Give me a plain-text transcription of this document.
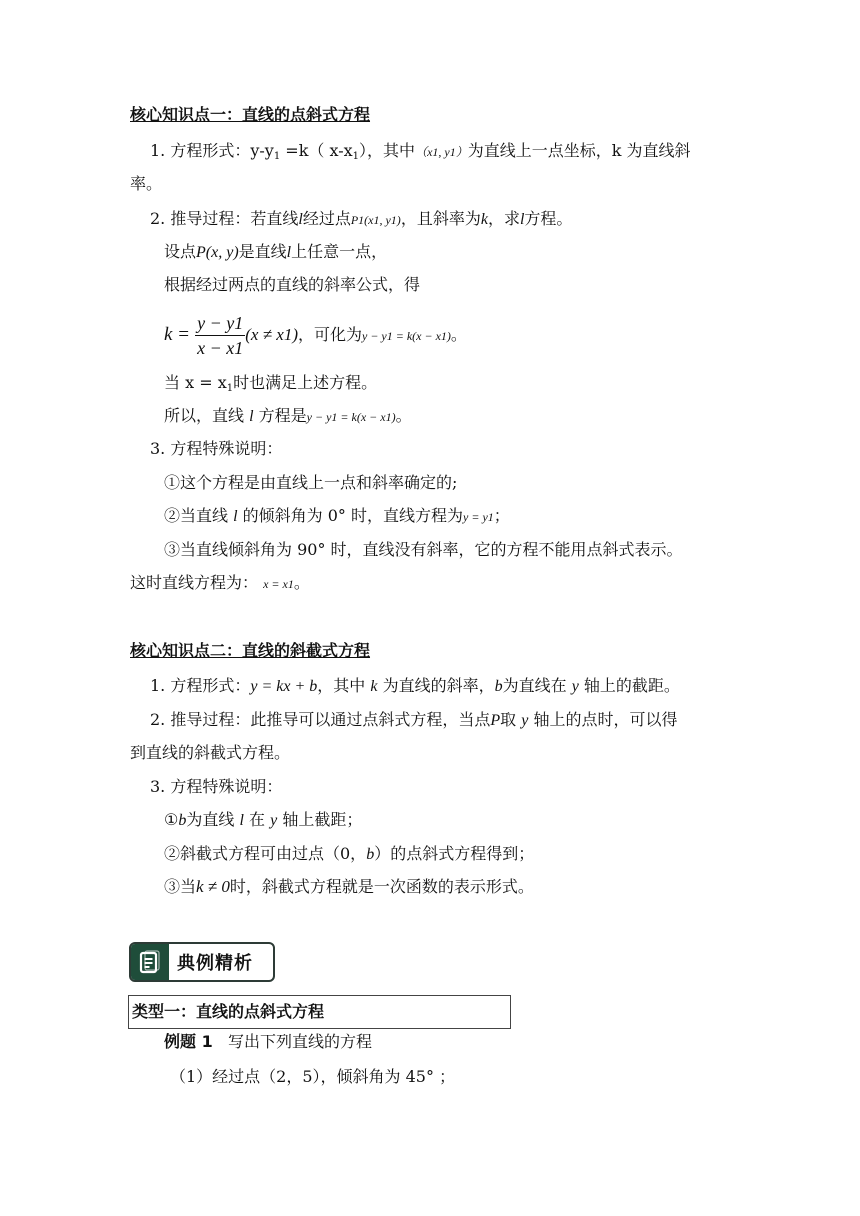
核心知识点一：直线的点斜式方程
1. 方程形式：$y-y_1 =k$（ $x-x_1$），其中（x1, y1）为直线上一点坐标，k 为直线斜
率。
2. 推导过程：若直线l经过点P1(x1, y1)，且斜率为k，求l方程。
设点P(x, y)是直线l上任意一点，
根据经过两点的直线的斜率公式，得
$k = \frac{y - y1}{x - x1} (x \ne x1)$，可化为y − y1 = k(x − x1)。
当 $x = x_1$时也满足上述方程。
所以，直线 l 方程是y − y1 = k(x − x1)。
3. 方程特殊说明：
①这个方程是由直线上一点和斜率确定的;
②当直线 l 的倾斜角为 0° 时，直线方程为y = y1；
③当直线倾斜角为 90° 时，直线没有斜率，它的方程不能用点斜式表示。
这时直线方程为： x = x1。
核心知识点二：直线的斜截式方程
1. 方程形式：y = kx + b，其中 k 为直线的斜率，b为直线在 y 轴上的截距。
2. 推导过程：此推导可以通过点斜式方程，当点P取 y 轴上的点时，可以得
到直线的斜截式方程。
3. 方程特殊说明：
①b为直线 l 在 y 轴上截距；
②斜截式方程可由过点（0，b）的点斜式方程得到；
③当k ≠ 0时，斜截式方程就是一次函数的表示形式。
典例精析
类型一：直线的点斜式方程
例题 1 写出下列直线的方程
（1）经过点（2，5），倾斜角为 45° ；
